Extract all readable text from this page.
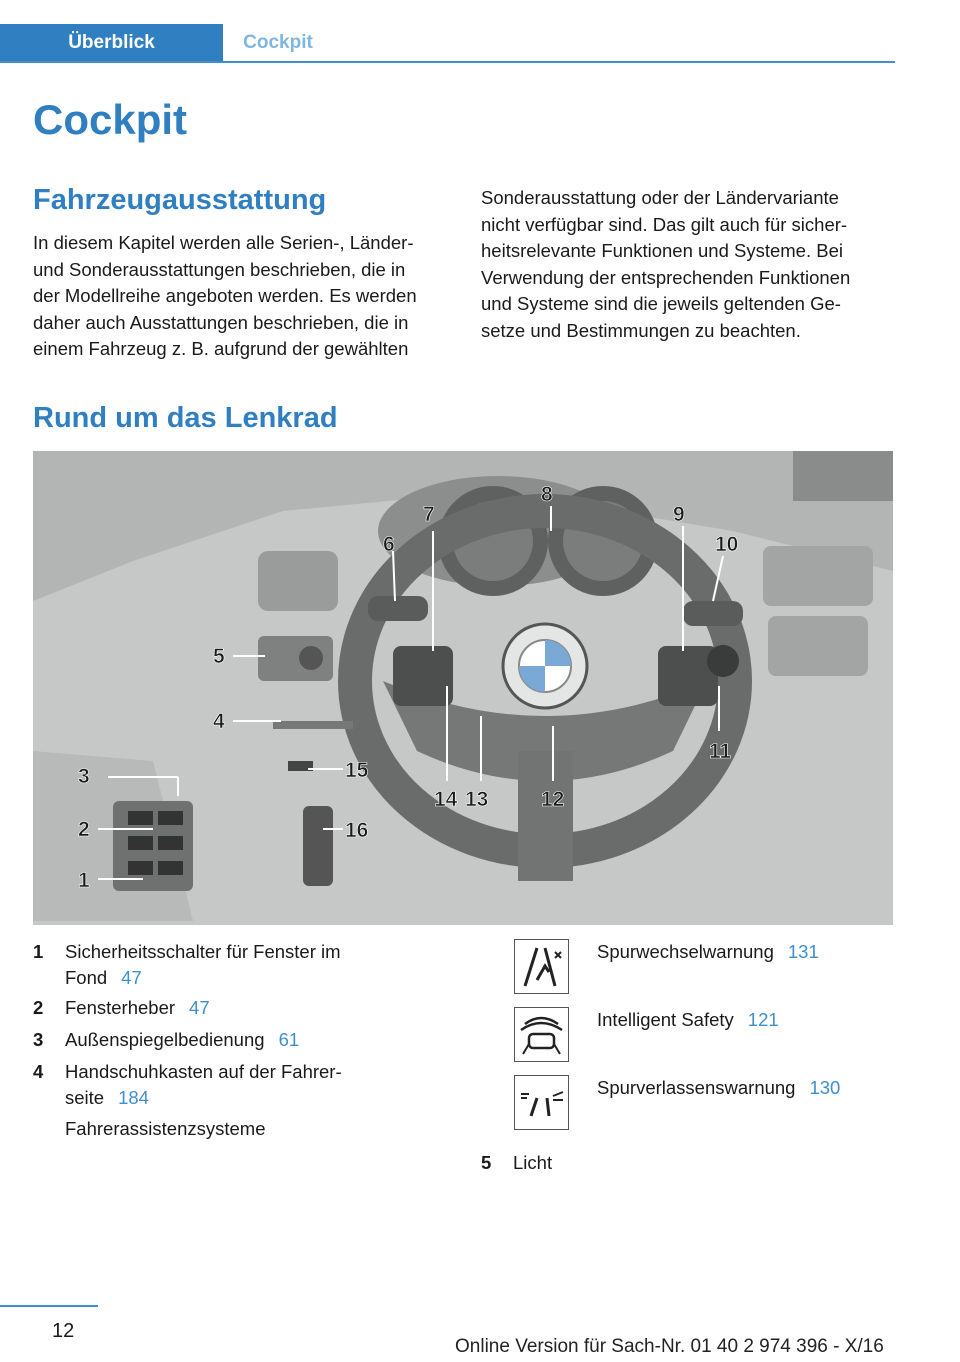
Überblick	Cockpit
Cockpit
Fahrzeugausstattung
In diesem Kapitel werden alle Serien-, Länder-
und Sonderausstattungen beschrieben, die in
der Modellreihe angeboten werden. Es werden
daher auch Ausstattungen beschrieben, die in
einem Fahrzeug z. B. aufgrund der gewählten
Sonderausstattung oder der Ländervariante
nicht verfügbar sind. Das gilt auch für sicher-
heitsrelevante Funktionen und Systeme. Bei
Verwendung der entsprechenden Funktionen
und Systeme sind die jeweils geltenden Ge-
setze und Bestimmungen zu beachten.
Rund um das Lenkrad
1
2
3
4
5
6
7
8
9
10
11
12
13
14
15
16
1 Sicherheitsschalter für Fenster im
Fond 47
2 Fensterheber 47
3 Außenspiegelbedienung 61
4 Handschuhkasten auf der Fahrer-
seite 184
Fahrerassistenzsysteme
Spurwechselwarnung 131
Intelligent Safety 121
Spurverlassenswarnung 130
5 Licht
12
Online Version für Sach-Nr. 01 40 2 974 396 - X/16
